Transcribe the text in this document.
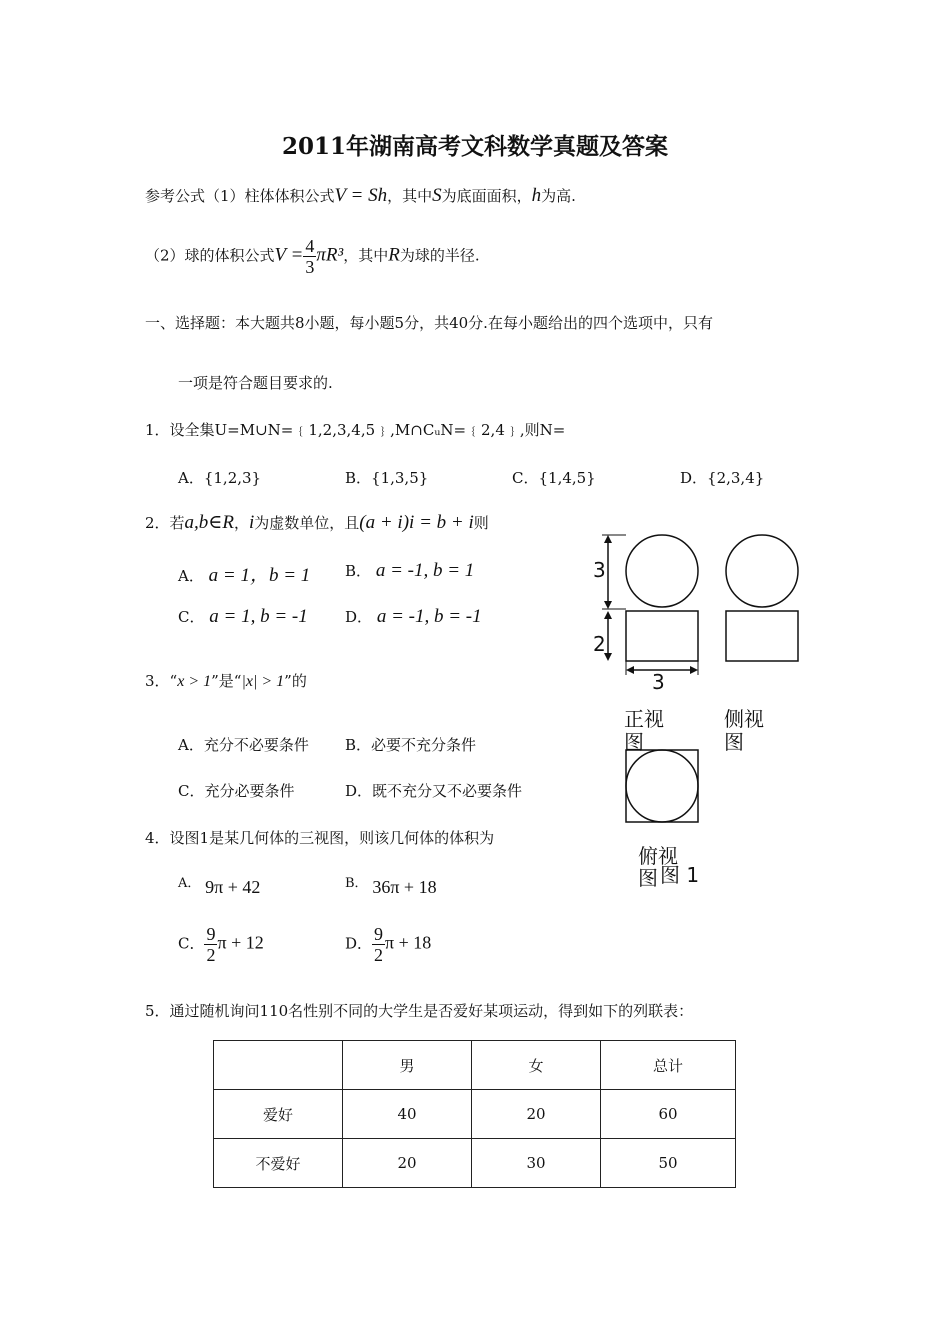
2011年湖南高考文科数学真题及答案
参考公式（1）柱体体积公式V = Sh，其中S为底面面积，h为高.
（2）球的体积公式$V = \frac{4}{3} \pi R^3$，其中R为球的半径.
一、选择题：本大题共8小题，每小题5分，共40分.在每小题给出的四个选项中，只有
一项是符合题目要求的.
1．设全集U=M∪N=﹛1,2,3,4,5﹜,M∩CᵤN=﹛2,4﹜,则N=
A．{1,2,3}	B．{1,3,5}	C．{1,4,5}	D．{2,3,4}
2．若a,b∈R，i为虚数单位，且(a + i)i = b + i则
A． a = 1，b = 1 B． a = -1, b = 1
C． a = 1, b = -1 D． a = -1, b = -1
3．“x > 1”是“|x| > 1”的
A．充分不必要条件 B．必要不充分条件
C．充分必要条件	D．既不充分又不必要条件
4．设图1是某几何体的三视图，则该几何体的体积为
A． 9π + 42	B． 36π + 18
C． $\frac{9}{2}$ π + 12	D． $\frac{9}{2}$ π + 18
3
2
3
正视
图
侧视
图
俯视
图 图 1
5．通过随机询问110名性别不同的大学生是否爱好某项运动，得到如下的列联表：
	男	女	总计
爱好	40	20	60
不爱好	20	30	50
